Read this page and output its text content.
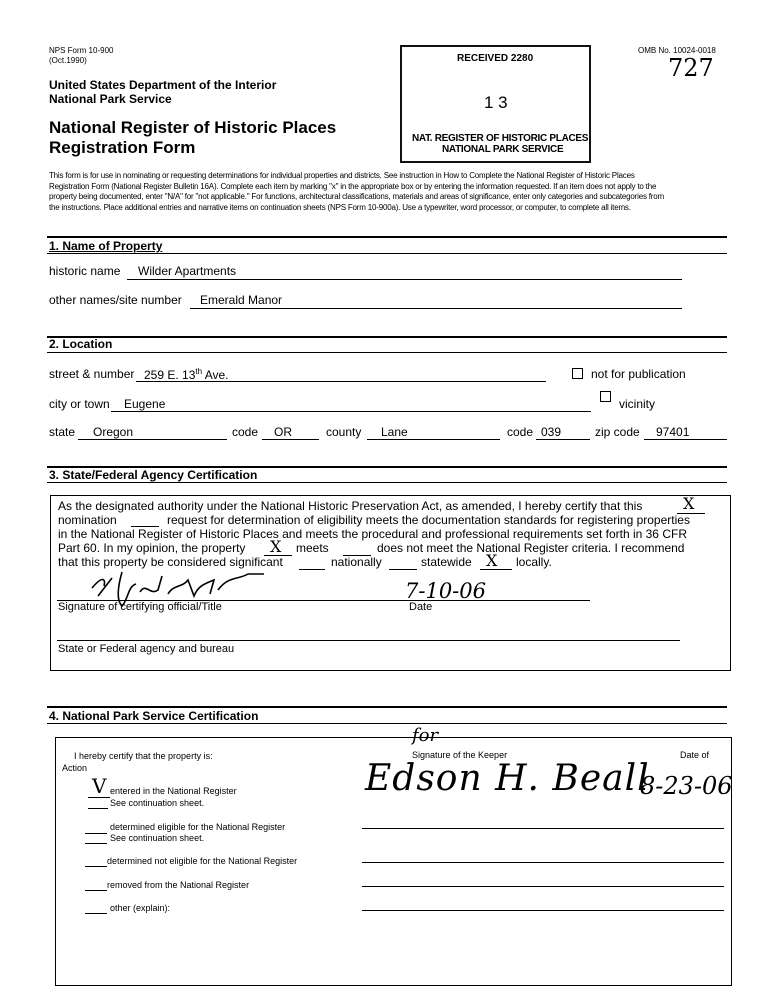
NPS Form 10-900
(Oct.1990)
OMB No. 10024-0018
727
United States Department of the Interior
National Park Service
National Register of Historic Places
Registration Form
RECEIVED 2280
1 3
NAT. REGISTER OF HISTORIC PLACES
NATIONAL PARK SERVICE
This form is for use in nominating or requesting determinations for individual properties and districts. See instruction in How to Complete the National Register of Historic Places
Registration Form (National Register Bulletin 16A). Complete each item by marking "x" in the appropriate box or by entering the information requested. If an item does not apply to the
property being documented, enter "N/A" for "not applicable." For functions, architectural classifications, materials and areas of significance, enter only categories and subcategories from
the instructions. Place additional entries and narrative items on continuation sheets (NPS Form 10-900a). Use a typewriter, word processor, or computer, to complete all items.
1. Name of Property
historic name Wilder Apartments
other names/site number Emerald Manor
2. Location
street & number 259 E. 13th Ave.	not for publication
city or town Eugene	vicinity
state Oregon	code OR	county Lane	code 039	zip code 97401
3. State/Federal Agency Certification
As the designated authority under the National Historic Preservation Act, as amended, I hereby certify that this	X
nomination	request for determination of eligibility meets the documentation standards for registering properties
in the National Register of Historic Places and meets the procedural and professional requirements set forth in 36 CFR
Part 60. In my opinion, the property X meets	does not meet the National Register criteria. I recommend
that this property be considered significant	nationally	statewide X locally.
7-10-06
Signature of certifying official/Title	Date
State or Federal agency and bureau
4. National Park Service Certification
I hereby certify that the property is:
Action
for
Signature of the Keeper	Date of
V entered in the National Register
See continuation sheet.
determined eligible for the National Register
See continuation sheet.
determined not eligible for the National Register
removed from the National Register
other (explain):
Edson H. Beall
8-23-06
